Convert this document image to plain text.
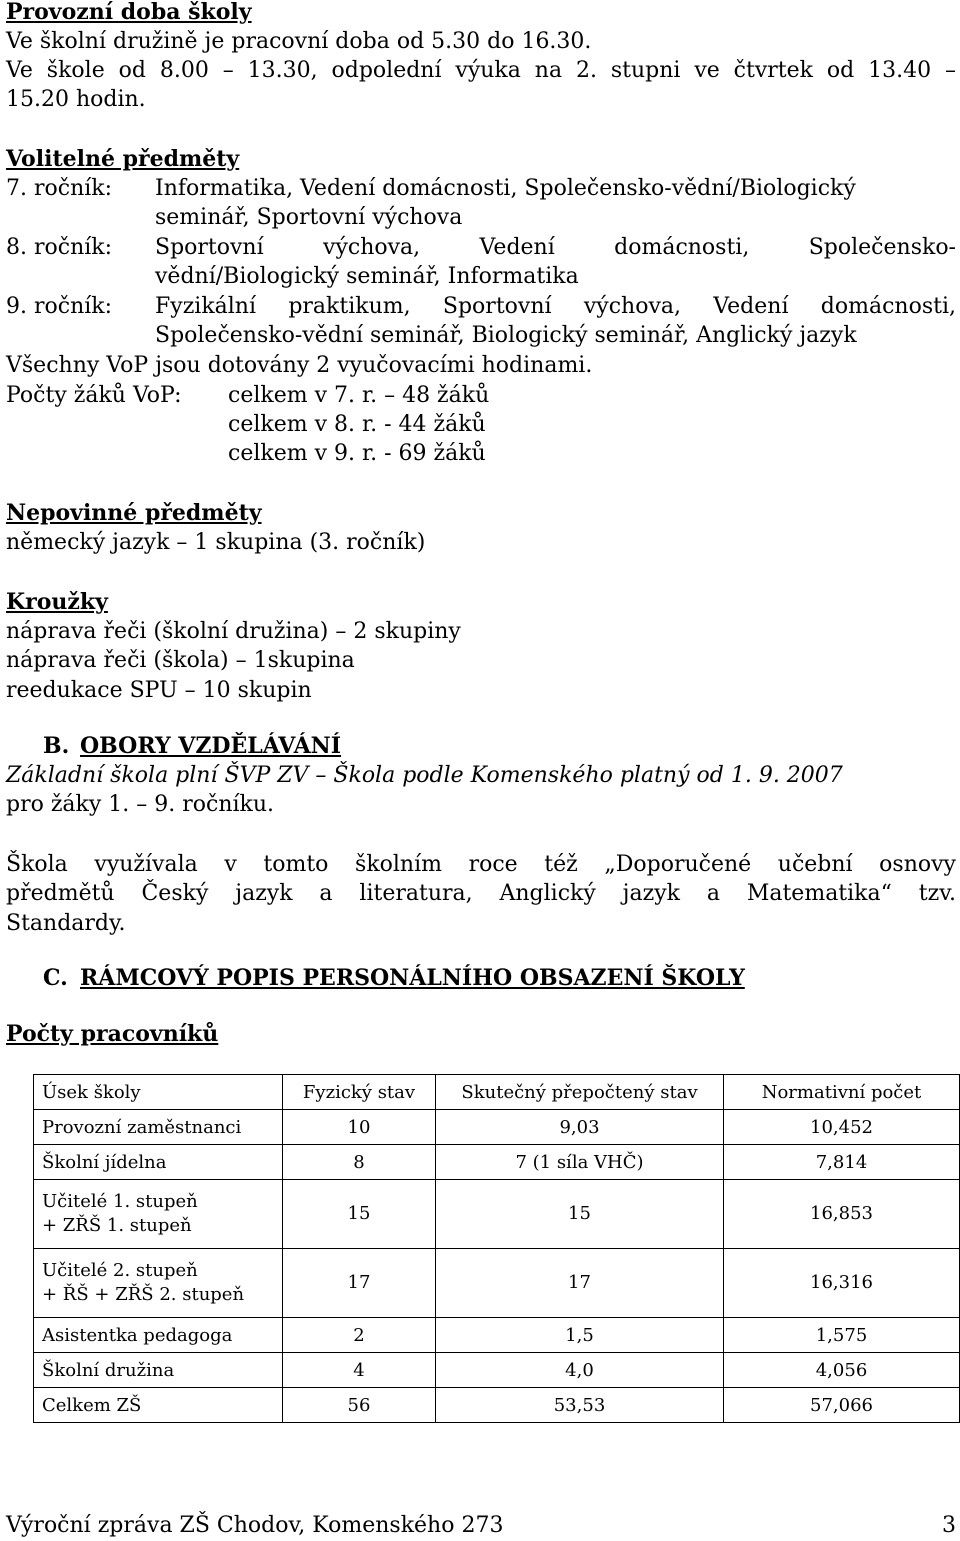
Provozní doba školy
Ve školní družině je pracovní doba od 5.30 do 16.30.
Ve škole od 8.00 – 13.30, odpolední výuka na 2. stupni ve čtvrtek od 13.40 –
15.20 hodin.
Volitelné předměty
7. ročník: Informatika, Vedení domácnosti, Společensko-vědní/Biologický
seminář, Sportovní výchova
8. ročník: Sportovní výchova, Vedení domácnosti, Společensko-
vědní/Biologický seminář, Informatika
9. ročník: Fyzikální praktikum, Sportovní výchova, Vedení domácnosti,
Společensko-vědní seminář, Biologický seminář, Anglický jazyk
Všechny VoP jsou dotovány 2 vyučovacími hodinami.
Počty žáků VoP: celkem v 7. r. – 48 žáků
celkem v 8. r. - 44 žáků
celkem v 9. r. - 69 žáků
Nepovinné předměty
německý jazyk – 1 skupina (3. ročník)
Kroužky
náprava řeči (školní družina) – 2 skupiny
náprava řeči (škola) – 1skupina
reedukace SPU – 10 skupin
B. OBORY VZDĚLÁVÁNÍ
Základní škola plní ŠVP ZV – Škola podle Komenského platný od 1. 9. 2007
pro žáky 1. – 9. ročníku.
Škola využívala v tomto školním roce též „Doporučené učební osnovy
předmětů Český jazyk a literatura, Anglický jazyk a Matematika“ tzv.
Standardy.
C. RÁMCOVÝ POPIS PERSONÁLNÍHO OBSAZENÍ ŠKOLY
Počty pracovníků
Úsek školy	Fyzický stav	Skutečný přepočtený stav	Normativní počet
Provozní zaměstnanci	10	9,03	10,452
Školní jídelna	8	7 (1 síla VHČ)	7,814

Učitelé 1. stupeň
+ ZŘŠ 1. stupeň	15	15	16,853

Učitelé 2. stupeň
+ ŘŠ + ZŘŠ 2. stupeň	17	17	16,316
Asistentka pedagoga	2	1,5	1,575
Školní družina	4	4,0	4,056
Celkem ZŠ	56	53,53	57,066
Výroční zpráva ZŠ Chodov, Komenského 273	3
